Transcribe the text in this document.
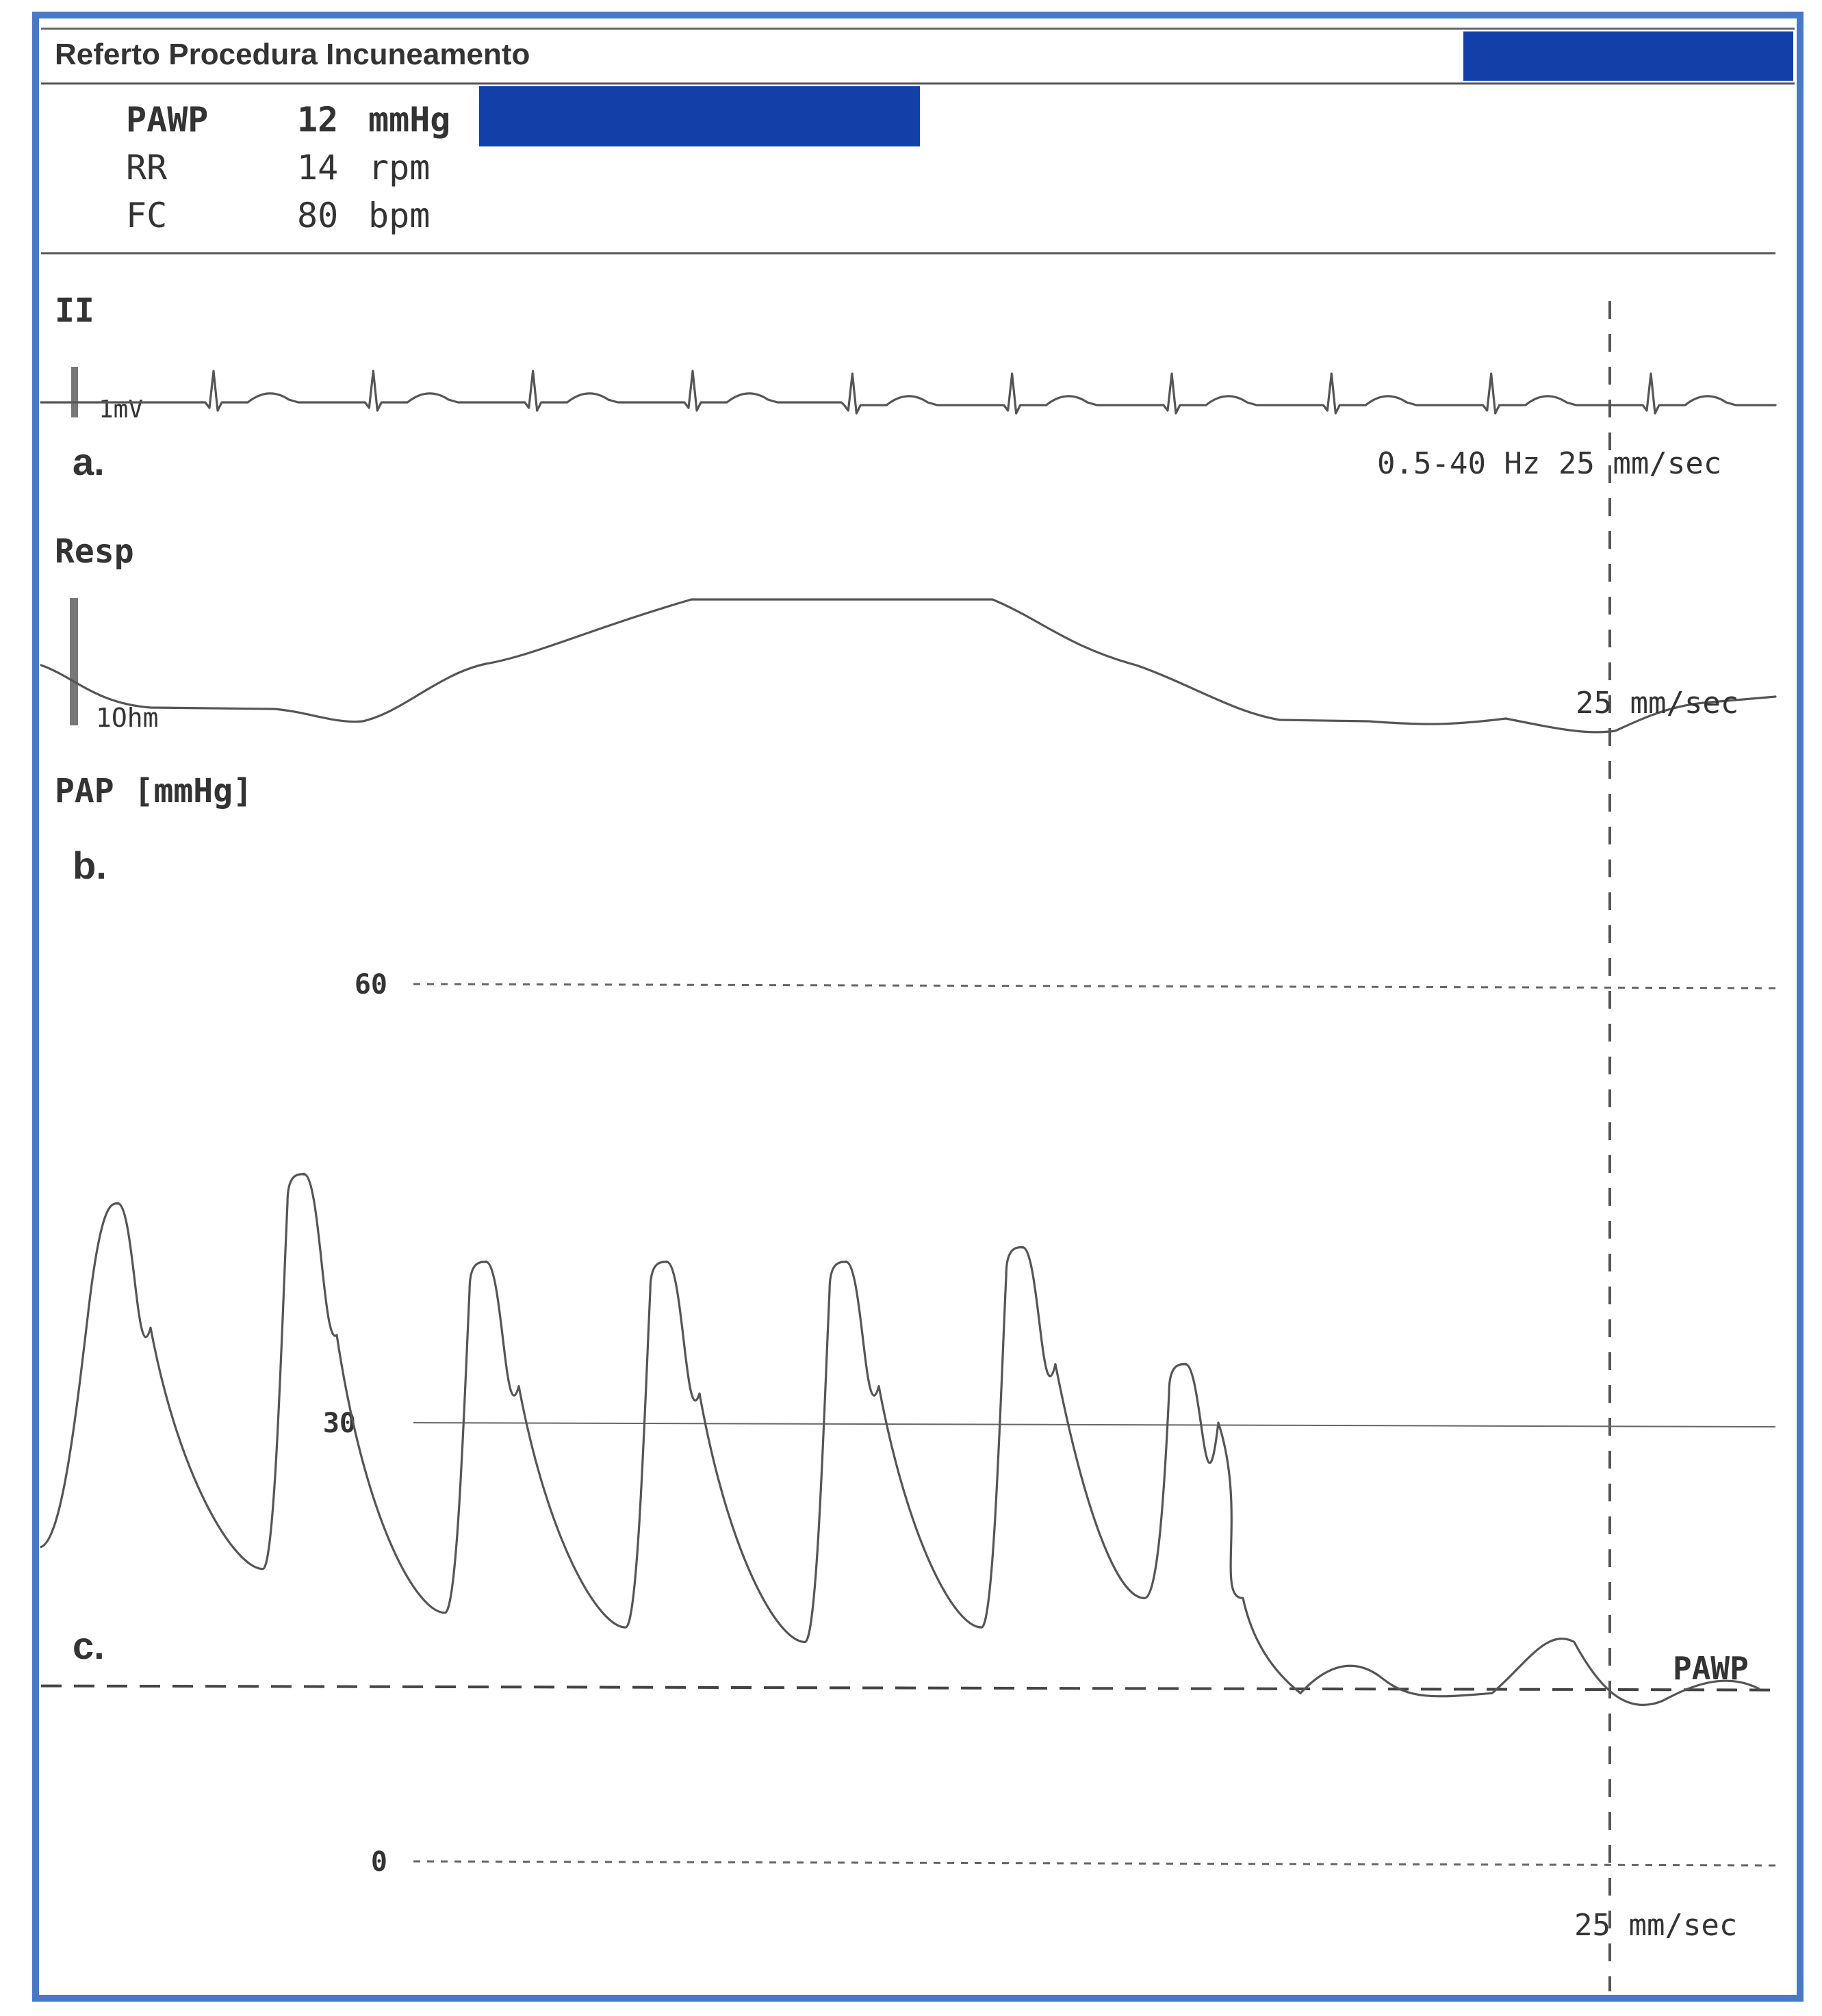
Referto Procedura Incuneamento
PAWP	12 mmHg
RR	14 rpm
FC	80 bpm
II
1mV
a.	0.5-40 Hz 25 mm/sec
Resp
1Ohm	25 mm/sec
PAP [mmHg]
b.
0
30
60
c.
PAWP
25 mm/sec
